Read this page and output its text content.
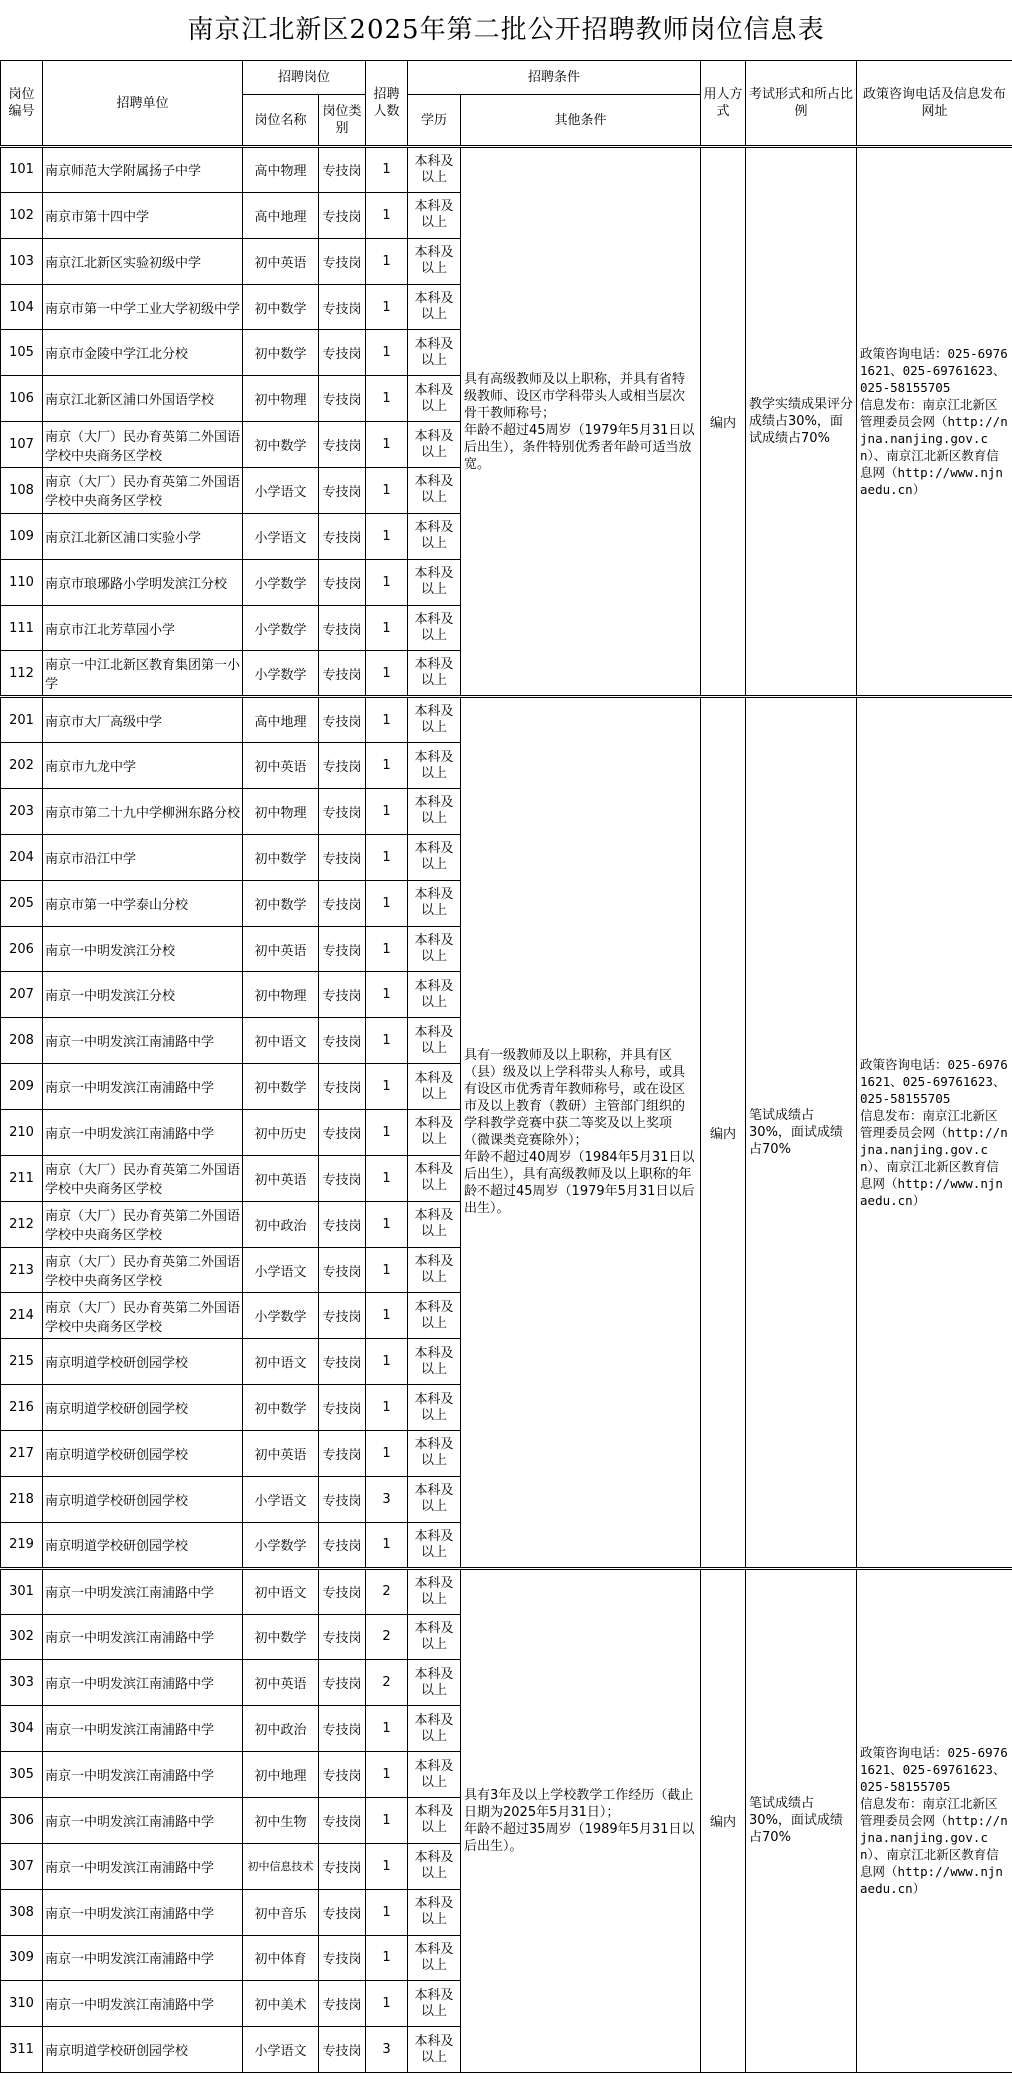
南京江北新区2025年第二批公开招聘教师岗位信息表
岗位编号	招聘单位	招聘岗位		招聘人数	招聘条件		用人方式	考试形式和所占比例	政策咨询电话及信息发布网址
		岗位名称	岗位类别		学历	其他条件			
101	南京师范大学附属扬子中学	高中物理	专技岗	1	本科及以上	具有高级教师及以上职称，并具有省特级教师、设区市学科带头人或相当层次骨干教师称号；
年龄不超过45周岁（1979年5月31日以后出生），条件特别优秀者年龄可适当放宽。	编内	教学实绩成果评分成绩占30%，面试成绩占70%	政策咨询电话：025-69761621、025-69761623、025-58155705
信息发布：南京江北新区管理委员会网（http://njna.nanjing.gov.cn）、南京江北新区教育信息网（http://www.njnaedu.cn）
102	南京市第十四中学	高中地理	专技岗	1	本科及以上				
103	南京江北新区实验初级中学	初中英语	专技岗	1	本科及以上				
104	南京市第一中学工业大学初级中学	初中数学	专技岗	1	本科及以上				
105	南京市金陵中学江北分校	初中数学	专技岗	1	本科及以上				
106	南京江北新区浦口外国语学校	初中物理	专技岗	1	本科及以上				
107	南京（大厂）民办育英第二外国语学校中央商务区学校	初中数学	专技岗	1	本科及以上				
108	南京（大厂）民办育英第二外国语学校中央商务区学校	小学语文	专技岗	1	本科及以上				
109	南京江北新区浦口实验小学	小学语文	专技岗	1	本科及以上				
110	南京市琅琊路小学明发滨江分校	小学数学	专技岗	1	本科及以上				
111	南京市江北芳草园小学	小学数学	专技岗	1	本科及以上				
112	南京一中江北新区教育集团第一小学	小学数学	专技岗	1	本科及以上				
201	南京市大厂高级中学	高中地理	专技岗	1	本科及以上	具有一级教师及以上职称，并具有区（县）级及以上学科带头人称号，或具有设区市优秀青年教师称号，或在设区市及以上教育（教研）主管部门组织的学科教学竞赛中获二等奖及以上奖项（微课类竞赛除外）；
年龄不超过40周岁（1984年5月31日以后出生），具有高级教师及以上职称的年龄不超过45周岁（1979年5月31日以后出生）。	编内	笔试成绩占30%，面试成绩占70%	政策咨询电话：025-69761621、025-69761623、025-58155705
信息发布：南京江北新区管理委员会网（http://njna.nanjing.gov.cn）、南京江北新区教育信息网（http://www.njnaedu.cn）
202	南京市九龙中学	初中英语	专技岗	1	本科及以上				
203	南京市第二十九中学柳洲东路分校	初中物理	专技岗	1	本科及以上				
204	南京市沿江中学	初中数学	专技岗	1	本科及以上				
205	南京市第一中学泰山分校	初中数学	专技岗	1	本科及以上				
206	南京一中明发滨江分校	初中英语	专技岗	1	本科及以上				
207	南京一中明发滨江分校	初中物理	专技岗	1	本科及以上				
208	南京一中明发滨江南浦路中学	初中语文	专技岗	1	本科及以上				
209	南京一中明发滨江南浦路中学	初中数学	专技岗	1	本科及以上				
210	南京一中明发滨江南浦路中学	初中历史	专技岗	1	本科及以上				
211	南京（大厂）民办育英第二外国语学校中央商务区学校	初中英语	专技岗	1	本科及以上				
212	南京（大厂）民办育英第二外国语学校中央商务区学校	初中政治	专技岗	1	本科及以上				
213	南京（大厂）民办育英第二外国语学校中央商务区学校	小学语文	专技岗	1	本科及以上				
214	南京（大厂）民办育英第二外国语学校中央商务区学校	小学数学	专技岗	1	本科及以上				
215	南京明道学校研创园学校	初中语文	专技岗	1	本科及以上				
216	南京明道学校研创园学校	初中数学	专技岗	1	本科及以上				
217	南京明道学校研创园学校	初中英语	专技岗	1	本科及以上				
218	南京明道学校研创园学校	小学语文	专技岗	3	本科及以上				
219	南京明道学校研创园学校	小学数学	专技岗	1	本科及以上				
301	南京一中明发滨江南浦路中学	初中语文	专技岗	2	本科及以上	具有3年及以上学校教学工作经历（截止日期为2025年5月31日）；
年龄不超过35周岁（1989年5月31日以后出生）。	编内	笔试成绩占30%，面试成绩占70%	政策咨询电话：025-69761621、025-69761623、025-58155705
信息发布：南京江北新区管理委员会网（http://njna.nanjing.gov.cn）、南京江北新区教育信息网（http://www.njnaedu.cn）
302	南京一中明发滨江南浦路中学	初中数学	专技岗	2	本科及以上				
303	南京一中明发滨江南浦路中学	初中英语	专技岗	2	本科及以上				
304	南京一中明发滨江南浦路中学	初中政治	专技岗	1	本科及以上				
305	南京一中明发滨江南浦路中学	初中地理	专技岗	1	本科及以上				
306	南京一中明发滨江南浦路中学	初中生物	专技岗	1	本科及以上				
307	南京一中明发滨江南浦路中学	初中信息技术	专技岗	1	本科及以上				
308	南京一中明发滨江南浦路中学	初中音乐	专技岗	1	本科及以上				
309	南京一中明发滨江南浦路中学	初中体育	专技岗	1	本科及以上				
310	南京一中明发滨江南浦路中学	初中美术	专技岗	1	本科及以上				
311	南京明道学校研创园学校	小学语文	专技岗	3	本科及以上				
